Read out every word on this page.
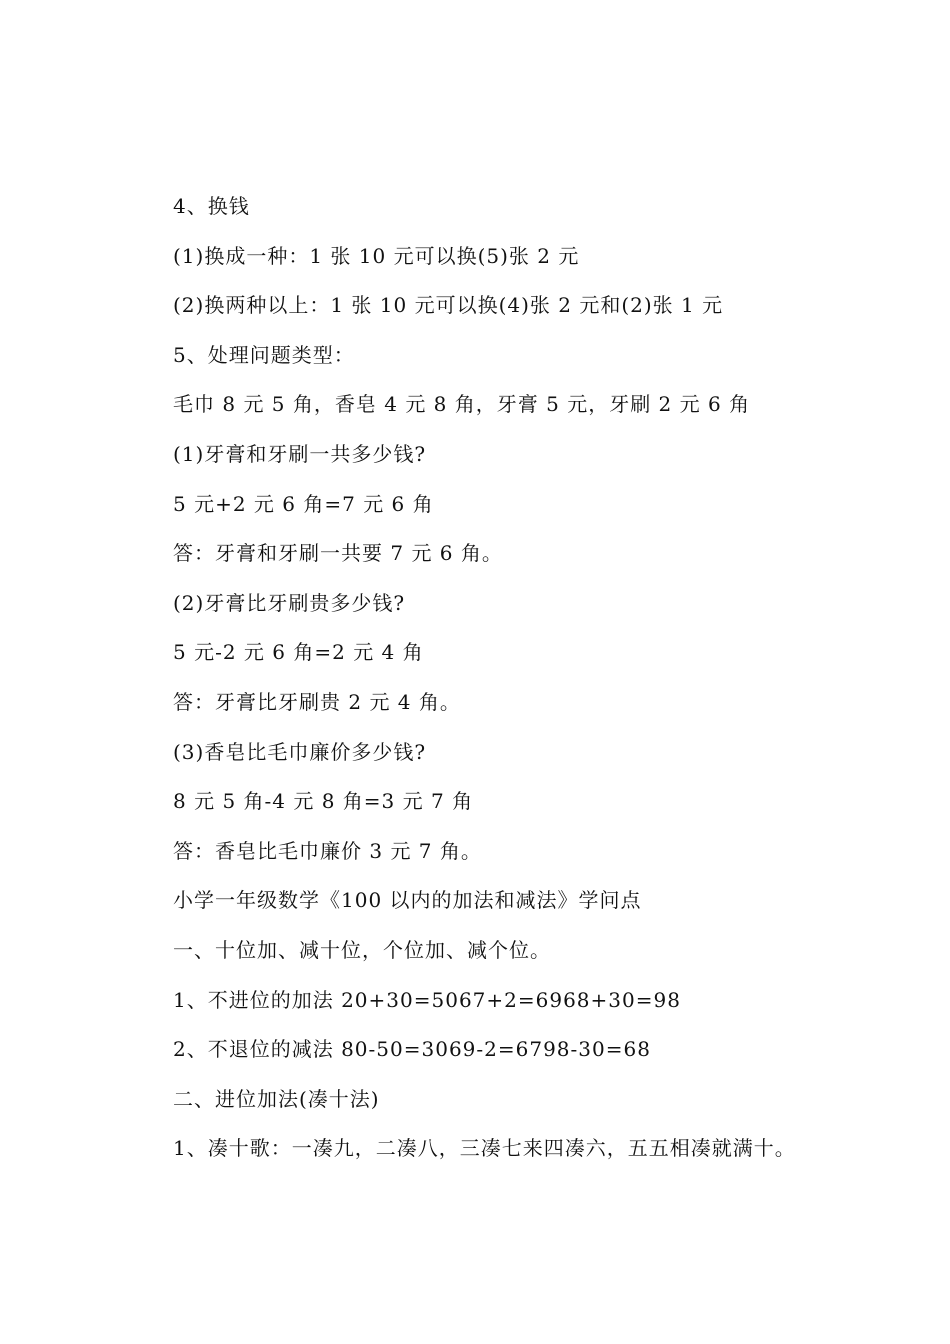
4、换钱
(1)换成一种：1 张 10 元可以换(5)张 2 元
(2)换两种以上：1 张 10 元可以换(4)张 2 元和(2)张 1 元
5、处理问题类型：
毛巾 8 元 5 角，香皂 4 元 8 角，牙膏 5 元，牙刷 2 元 6 角
(1)牙膏和牙刷一共多少钱?
5 元+2 元 6 角=7 元 6 角
答：牙膏和牙刷一共要 7 元 6 角。
(2)牙膏比牙刷贵多少钱?
5 元-2 元 6 角=2 元 4 角
答：牙膏比牙刷贵 2 元 4 角。
(3)香皂比毛巾廉价多少钱?
8 元 5 角-4 元 8 角=3 元 7 角
答：香皂比毛巾廉价 3 元 7 角。
小学一年级数学《100 以内的加法和减法》学问点
一、十位加、减十位，个位加、减个位。
1、不进位的加法 20+30=5067+2=6968+30=98
2、不退位的减法 80-50=3069-2=6798-30=68
二、进位加法(凑十法)
1、凑十歌：一凑九，二凑八，三凑七来四凑六，五五相凑就满十。
